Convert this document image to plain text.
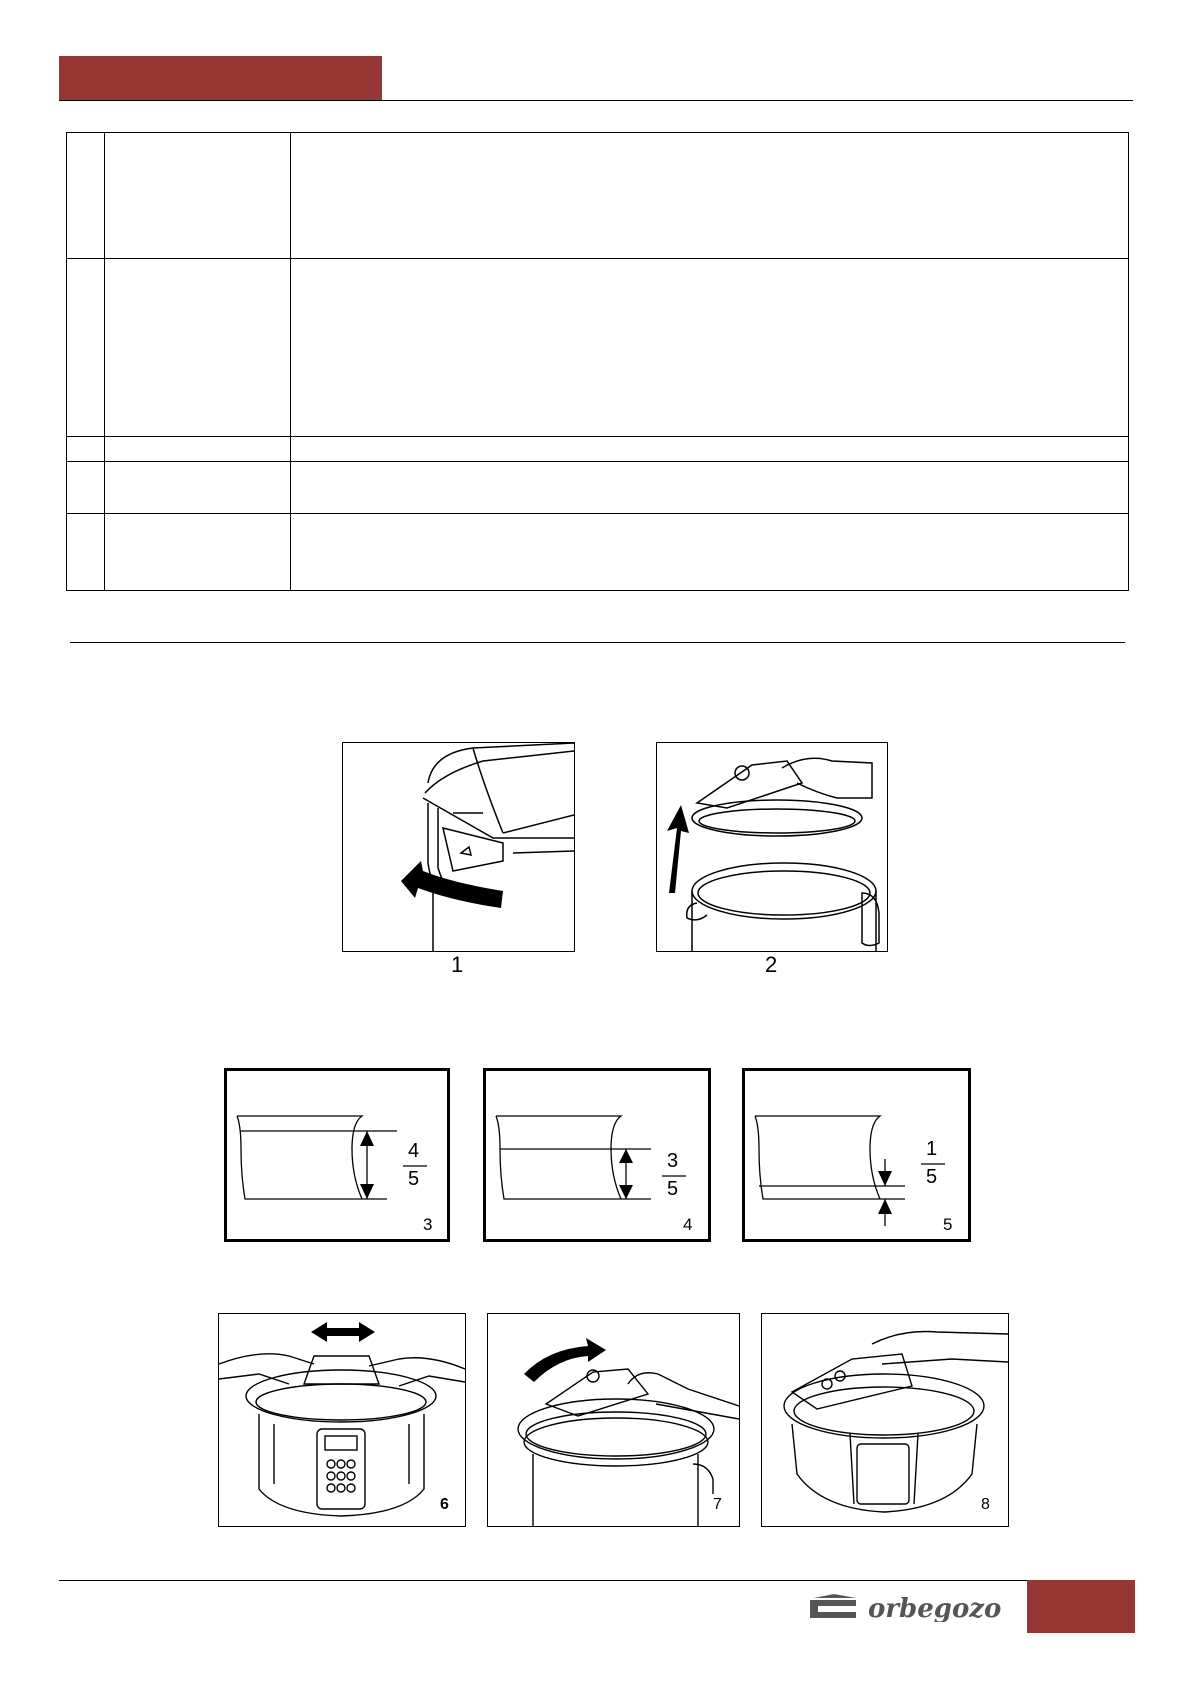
1	2
4
5
3
3
5
4
1
5
5
6	7	8
orbegozo
